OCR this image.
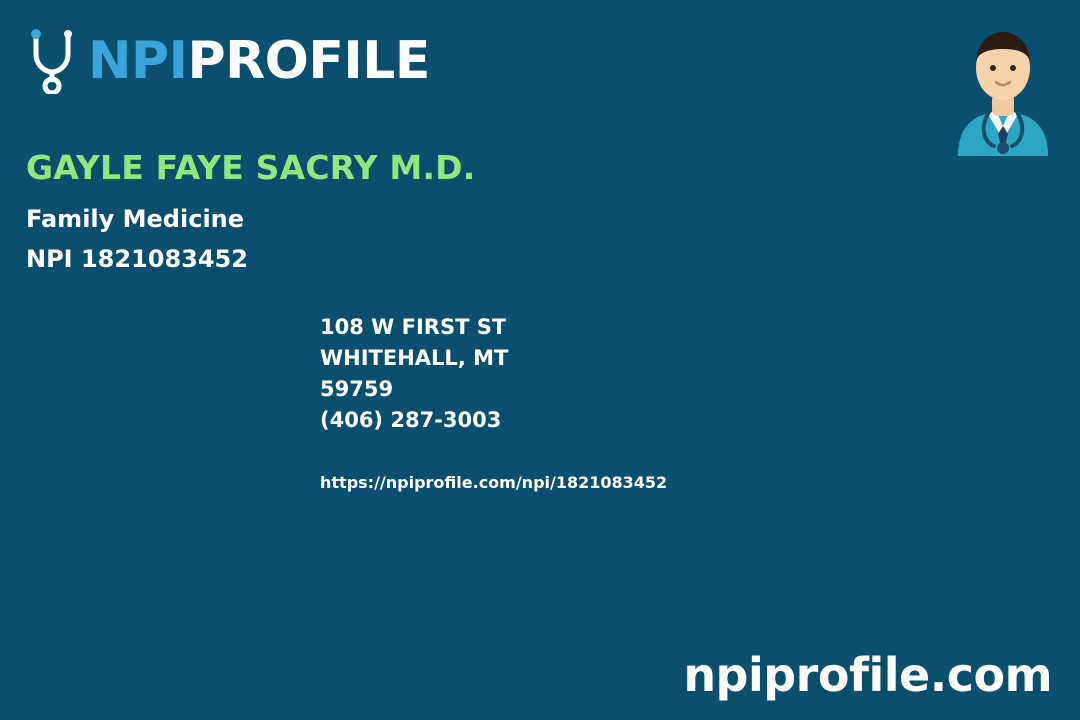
NPIPROFILE
GAYLE FAYE SACRY M.D.
Family Medicine
NPI 1821083452
108 W FIRST ST
WHITEHALL, MT
59759
(406) 287-3003
https://npiprofile.com/npi/1821083452
npiprofile.com
